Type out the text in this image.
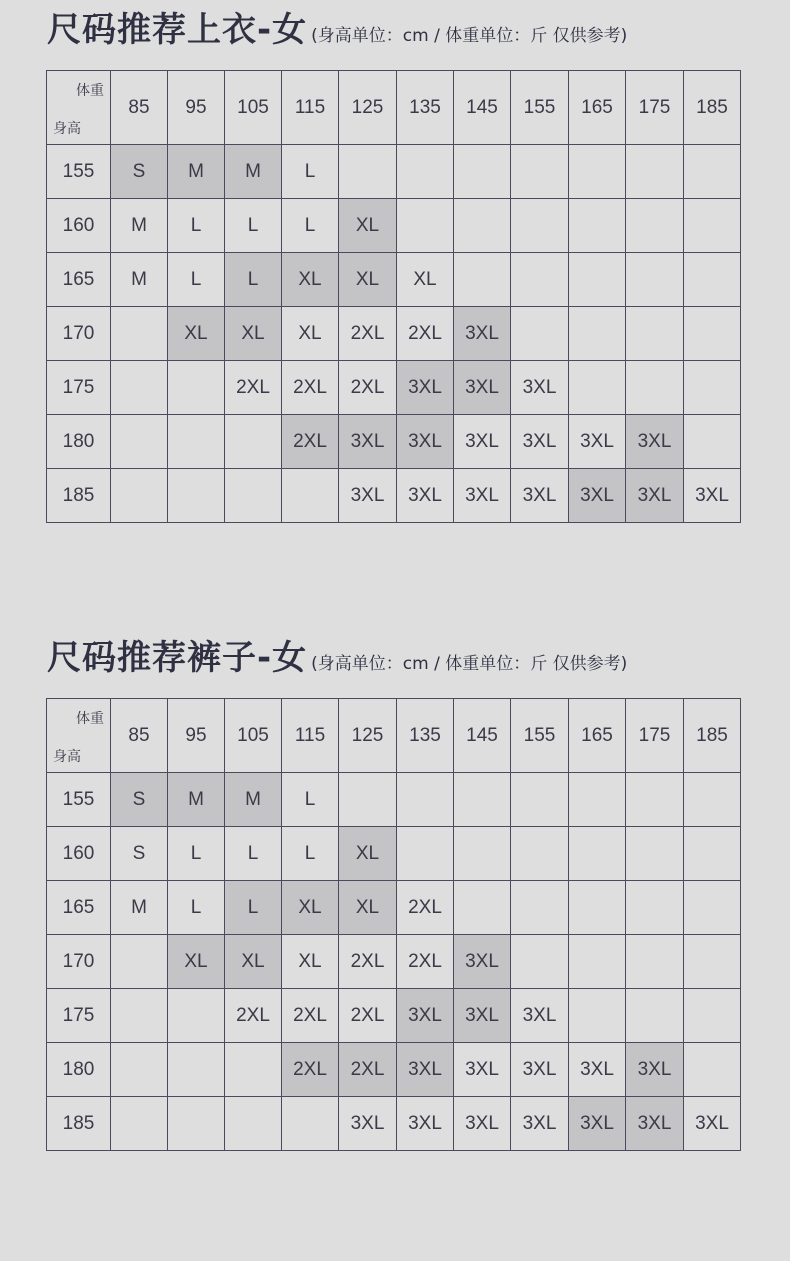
尺码推荐上衣-女 (身高单位：cm / 体重单位：斤 仅供参考)
体重
身高	85	95	105	115	125	135	145	155	165	175	185
155	S	M	M	L							
160	M	L	L	L	XL						
165	M	L	L	XL	XL	XL					
170		XL	XL	XL	2XL	2XL	3XL				
175			2XL	2XL	2XL	3XL	3XL	3XL			
180				2XL	3XL	3XL	3XL	3XL	3XL	3XL	
185					3XL	3XL	3XL	3XL	3XL	3XL	3XL
尺码推荐裤子-女 (身高单位：cm / 体重单位：斤 仅供参考)
体重
身高	85	95	105	115	125	135	145	155	165	175	185
155	S	M	M	L							
160	S	L	L	L	XL						
165	M	L	L	XL	XL	2XL					
170		XL	XL	XL	2XL	2XL	3XL				
175			2XL	2XL	2XL	3XL	3XL	3XL			
180				2XL	2XL	3XL	3XL	3XL	3XL	3XL	
185					3XL	3XL	3XL	3XL	3XL	3XL	3XL
